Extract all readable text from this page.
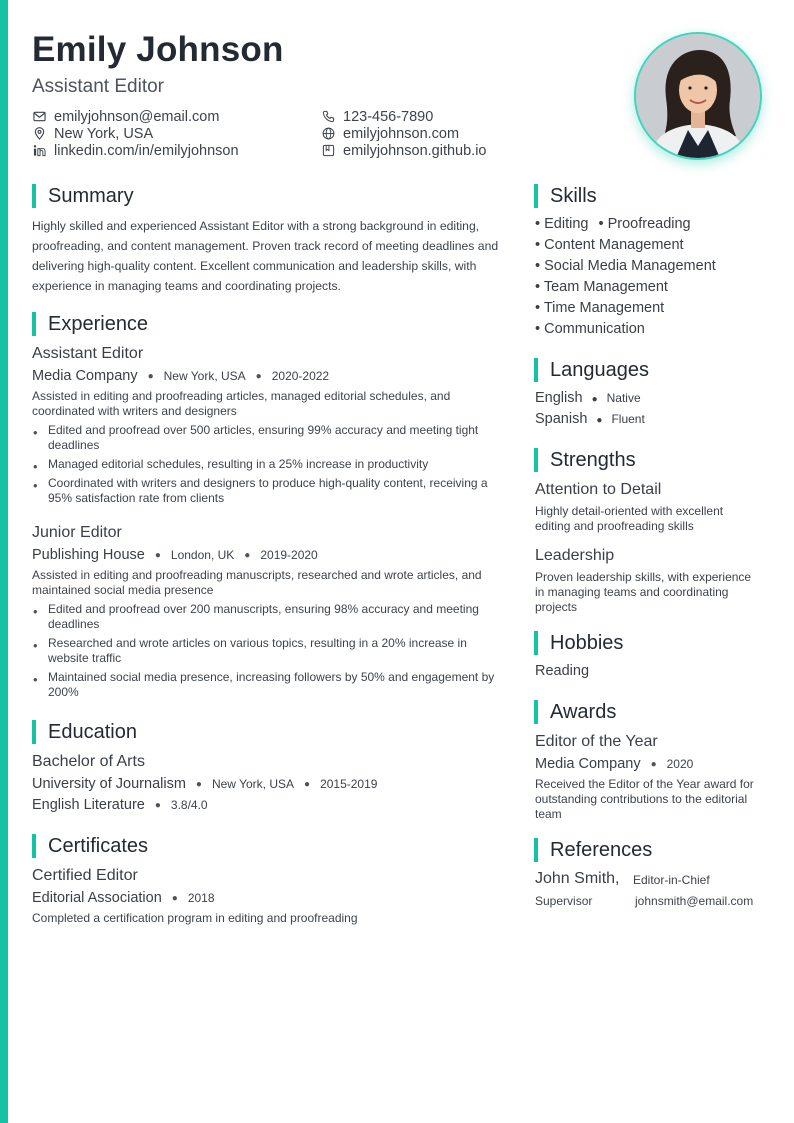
Emily Johnson
Assistant Editor
emilyjohnson@email.com
New York, USA
linkedin.com/in/emilyjohnson
123-456-7890
emilyjohnson.com
emilyjohnson.github.io
Summary
Highly skilled and experienced Assistant Editor with a strong background in editing, proofreading, and content management. Proven track record of meeting deadlines and delivering high-quality content. Excellent communication and leadership skills, with experience in managing teams and coordinating projects.
Experience
Assistant Editor
Media Company ● New York, USA ● 2020-2022
Assisted in editing and proofreading articles, managed editorial schedules, and coordinated with writers and designers
• Edited and proofread over 500 articles, ensuring 99% accuracy and meeting tight deadlines
• Managed editorial schedules, resulting in a 25% increase in productivity
• Coordinated with writers and designers to produce high-quality content, receiving a 95% satisfaction rate from clients
Junior Editor
Publishing House ● London, UK ● 2019-2020
Assisted in editing and proofreading manuscripts, researched and wrote articles, and maintained social media presence
• Edited and proofread over 200 manuscripts, ensuring 98% accuracy and meeting deadlines
• Researched and wrote articles on various topics, resulting in a 20% increase in website traffic
• Maintained social media presence, increasing followers by 50% and engagement by 200%
Education
Bachelor of Arts
University of Journalism ● New York, USA ● 2015-2019
English Literature ● 3.8/4.0
Certificates
Certified Editor
Editorial Association ● 2018
Completed a certification program in editing and proofreading
Skills
• Editing • Proofreading
• Content Management
• Social Media Management
• Team Management
• Time Management
• Communication
Languages
English ● Native
Spanish ● Fluent
Strengths
Attention to Detail
Highly detail-oriented with excellent editing and proofreading skills
Leadership
Proven leadership skills, with experience in managing teams and coordinating projects
Hobbies
Reading
Awards
Editor of the Year
Media Company ● 2020
Received the Editor of the Year award for outstanding contributions to the editorial team
References
John Smith, Editor-in-Chief
Supervisor	johnsmith@email.com
